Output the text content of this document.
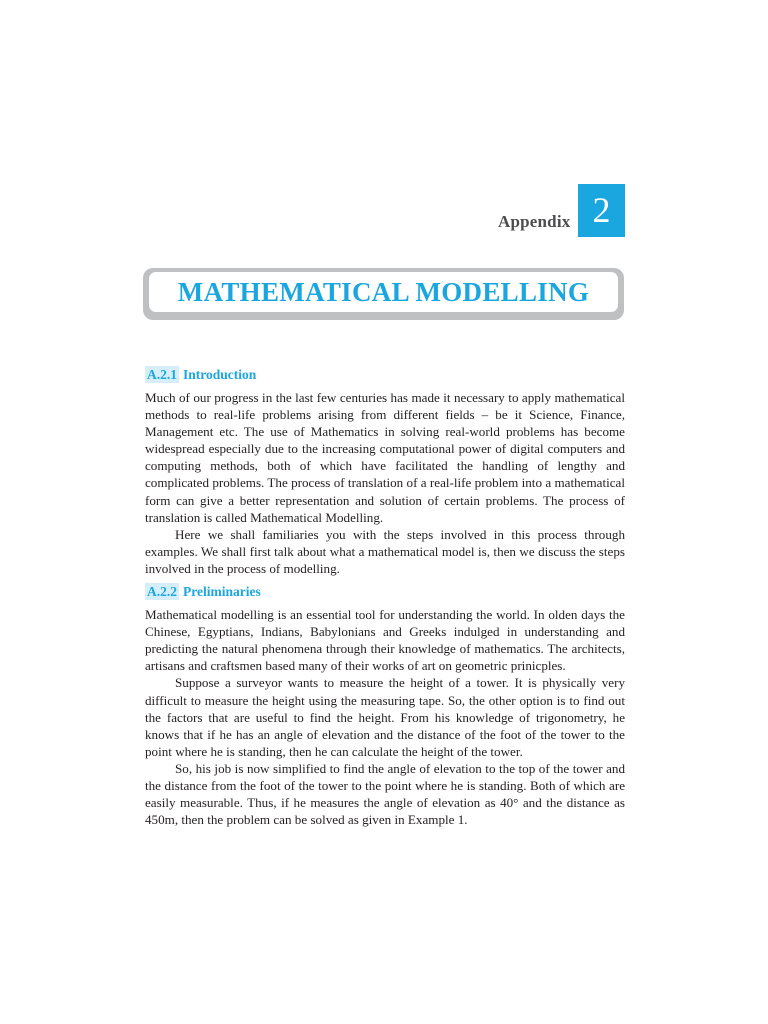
Appendix 2
MATHEMATICAL MODELLING
A.2.1 Introduction

Much of our progress in the last few centuries has made it necessary to apply mathematical methods to real-life problems arising from different fields – be it Science, Finance, Management etc. The use of Mathematics in solving real-world problems has become widespread especially due to the increasing computational power of digital computers and computing methods, both of which have facilitated the handling of lengthy and complicated problems. The process of translation of a real-life problem into a mathematical form can give a better representation and solution of certain problems. The process of translation is called Mathematical Modelling.

Here we shall familiaries you with the steps involved in this process through examples. We shall first talk about what a mathematical model is, then we discuss the steps involved in the process of modelling.

A.2.2 Preliminaries

Mathematical modelling is an essential tool for understanding the world. In olden days the Chinese, Egyptians, Indians, Babylonians and Greeks indulged in understanding and predicting the natural phenomena through their knowledge of mathematics. The architects, artisans and craftsmen based many of their works of art on geometric prinicples.

Suppose a surveyor wants to measure the height of a tower. It is physically very difficult to measure the height using the measuring tape. So, the other option is to find out the factors that are useful to find the height. From his knowledge of trigonometry, he knows that if he has an angle of elevation and the distance of the foot of the tower to the point where he is standing, then he can calculate the height of the tower.

So, his job is now simplified to find the angle of elevation to the top of the tower and the distance from the foot of the tower to the point where he is standing. Both of which are easily measurable. Thus, if he measures the angle of elevation as 40° and the distance as 450m, then the problem can be solved as given in Example 1.
